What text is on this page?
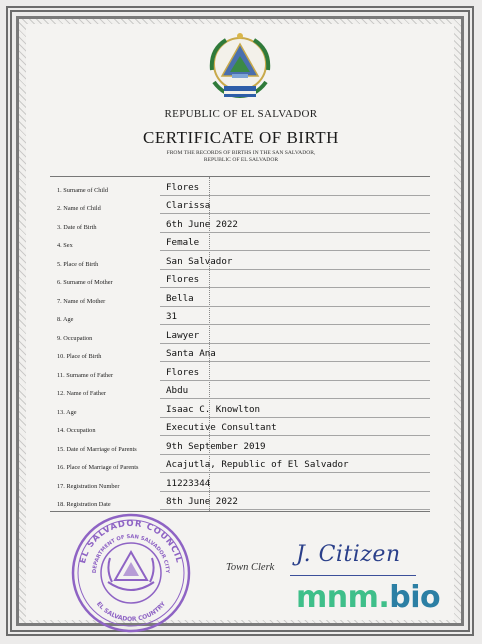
REPUBLIC OF EL SALVADOR
CERTIFICATE OF BIRTH
FROM THE RECORDS OF BIRTHS IN THE SAN SALVADOR, REPUBLIC OF EL SALVADOR
1. Surname of Child	Flores
2. Name of Child	Clarissa
3. Date of Birth	6th June 2022
4. Sex	Female
5. Place of Birth	San Salvador
6. Surname of Mother	Flores
7. Name of Mother	Bella
8. Age	31
9. Occupation	Lawyer
10. Place of Birth	Santa Ana
11. Surname of Father	Flores
12. Name of Father	Abdu
13. Age	Isaac C. Knowlton
14. Occupation	Executive Consultant
15. Date of Marriage of Parents	9th September 2019
16. Place of Marriage of Parents	Acajutla, Republic of El Salvador
17. Registration Number	11223344
18. Registration Date	8th June 2022
Town Clerk
J. Citizen
EL SALVADOR COUNCIL
DEPARTMENT OF SAN SALVADOR CITY
EL SALVADOR COUNTRY	mnm.bio
